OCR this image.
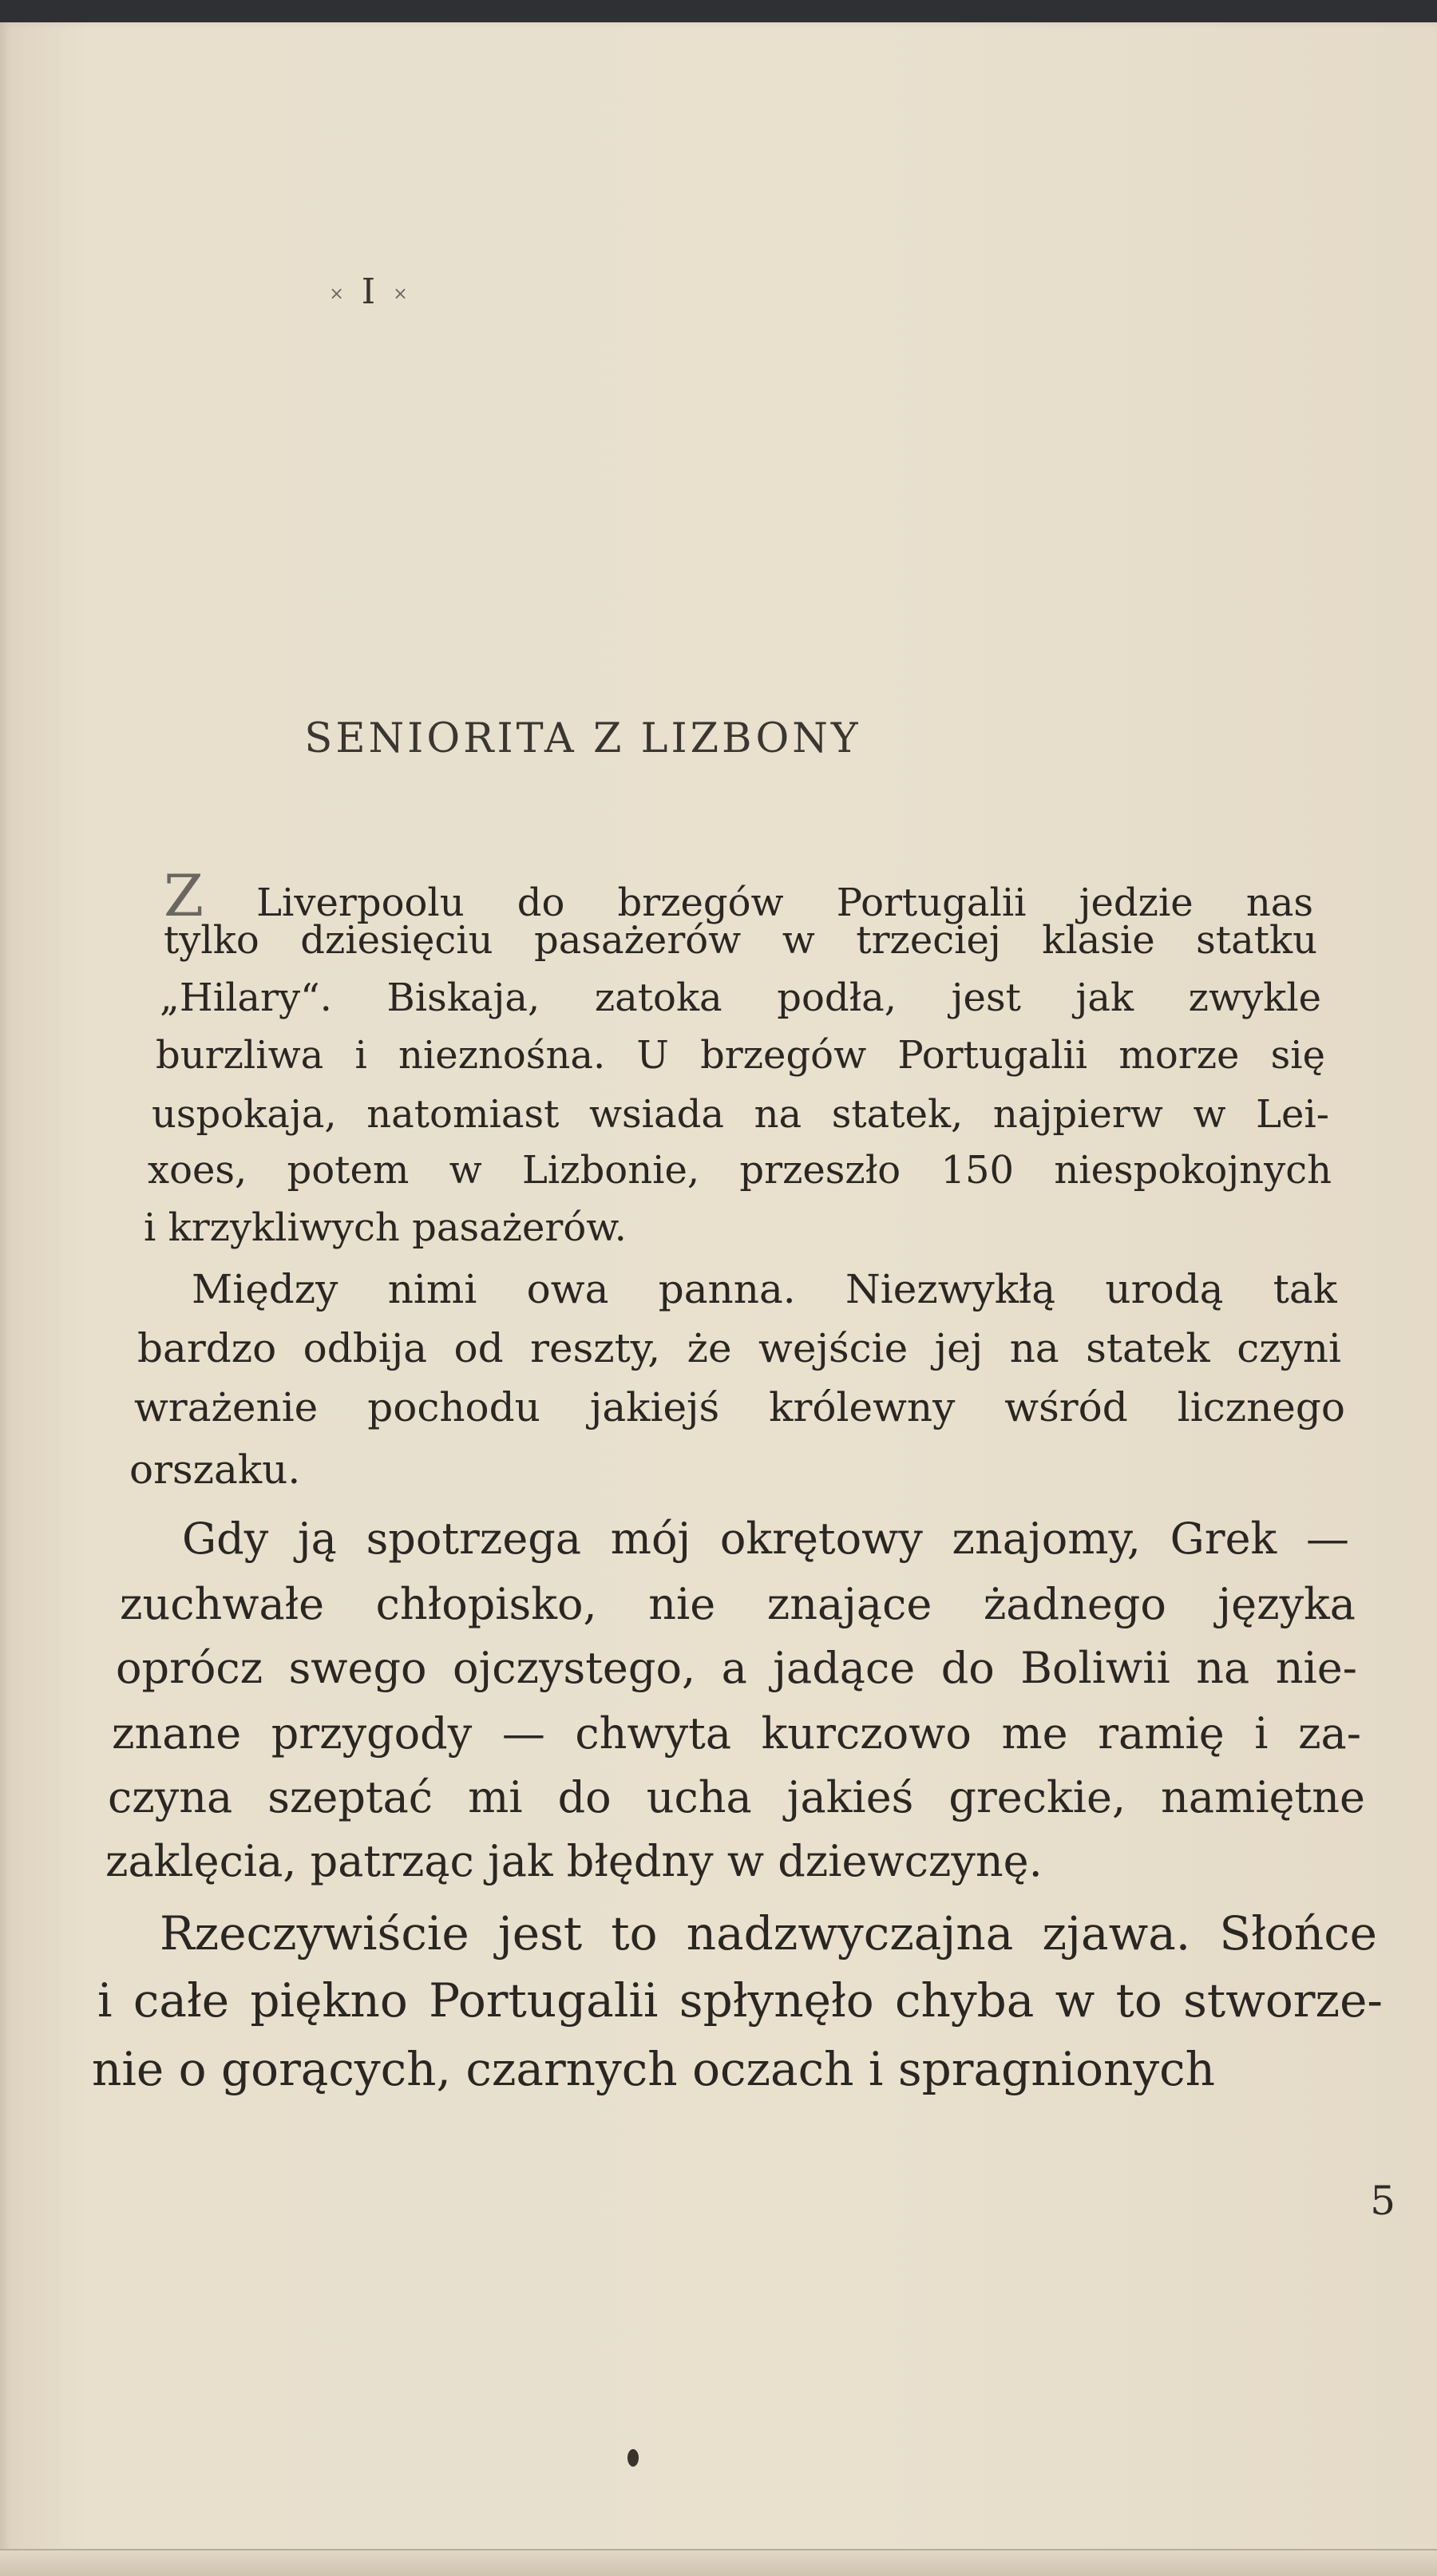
× I ×
SENIORITA Z LIZBONY
Z Liverpoolu do brzegów Portugalii jedzie nas
tylko dziesięciu pasażerów w trzeciej klasie statku
„Hilary“. Biskaja, zatoka podła, jest jak zwykle
burzliwa i nieznośna. U brzegów Portugalii morze się
uspokaja, natomiast wsiada na statek, najpierw w Lei-
xoes, potem w Lizbonie, przeszło 150 niespokojnych
i krzykliwych pasażerów.
Między nimi owa panna. Niezwykłą urodą tak
bardzo odbija od reszty, że wejście jej na statek czyni
wrażenie pochodu jakiejś królewny wśród licznego
orszaku.
Gdy ją spotrzega mój okrętowy znajomy, Grek —
zuchwałe chłopisko, nie znające żadnego języka
oprócz swego ojczystego, a jadące do Boliwii na nie-
znane przygody — chwyta kurczowo me ramię i za-
czyna szeptać mi do ucha jakieś greckie, namiętne
zaklęcia, patrząc jak błędny w dziewczynę.
Rzeczywiście jest to nadzwyczajna zjawa. Słońce
i całe piękno Portugalii spłynęło chyba w to stworze-
nie o gorących, czarnych oczach i spragnionych
5
